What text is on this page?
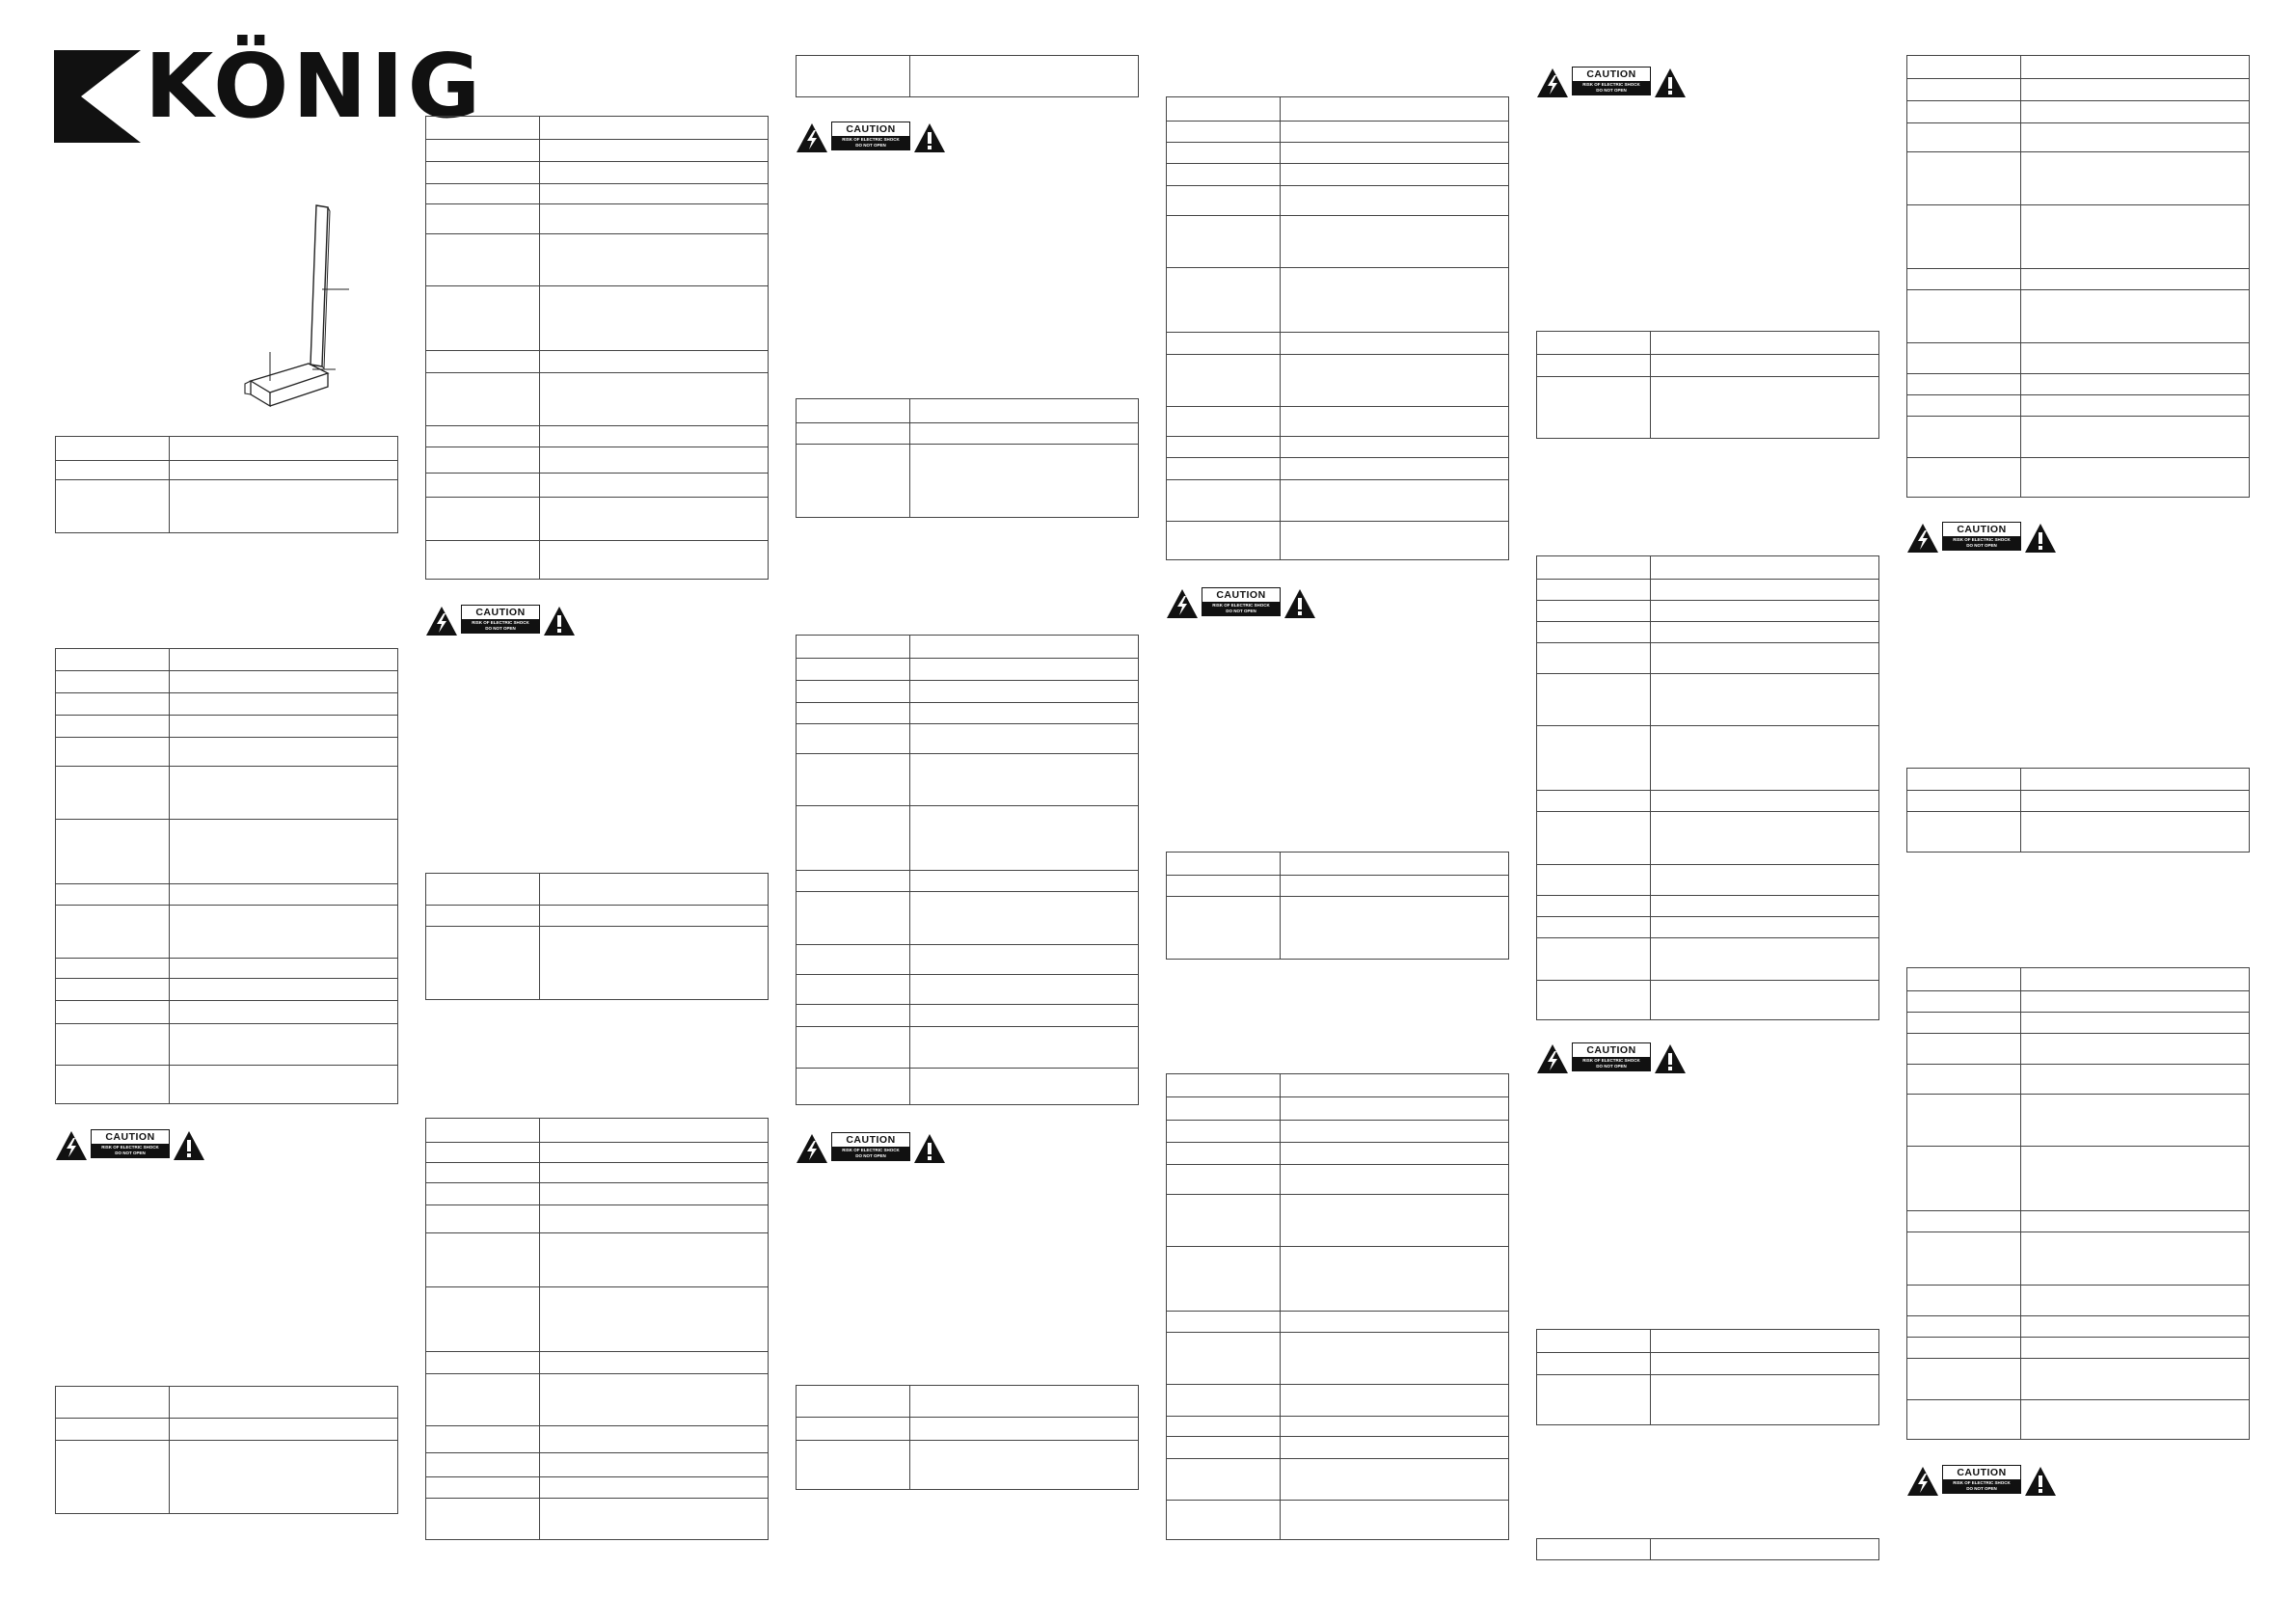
KÖNIG
CAUTION
RISK OF ELECTRIC SHOCK
DO NOT OPEN
CAUTION
RISK OF ELECTRIC SHOCK
DO NOT OPEN
CAUTION
RISK OF ELECTRIC SHOCK
DO NOT OPEN
CAUTION
RISK OF ELECTRIC SHOCK
DO NOT OPEN
CAUTION
RISK OF ELECTRIC SHOCK
DO NOT OPEN
CAUTION
RISK OF ELECTRIC SHOCK
DO NOT OPEN
CAUTION
RISK OF ELECTRIC SHOCK
DO NOT OPEN
CAUTION
RISK OF ELECTRIC SHOCK
DO NOT OPEN
CAUTION
RISK OF ELECTRIC SHOCK
DO NOT OPEN
